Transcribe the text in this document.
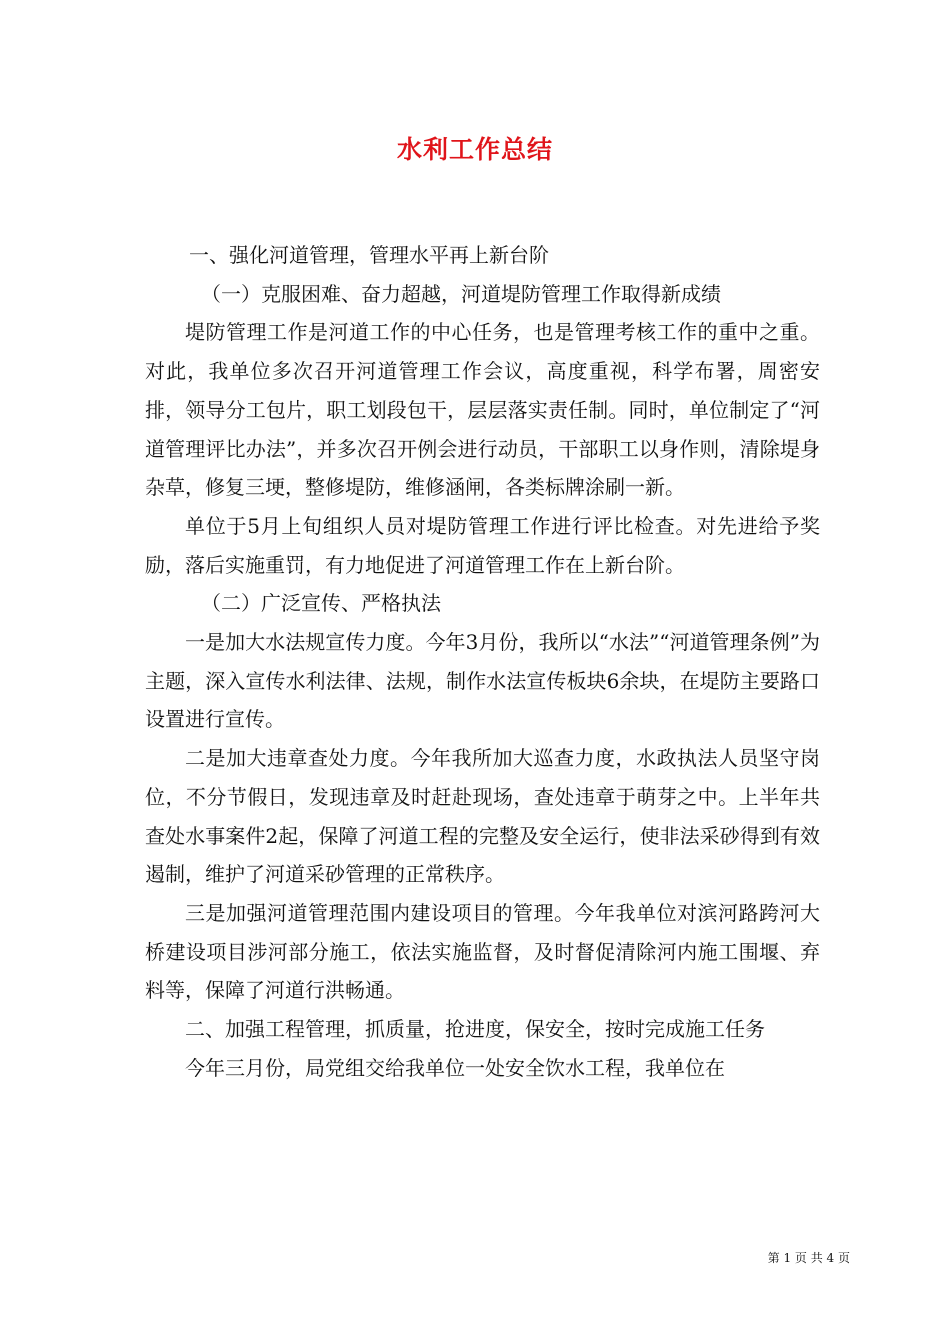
水利工作总结

一、强化河道管理，管理水平再上新台阶

（一）克服困难、奋力超越，河道堤防管理工作取得新成绩

堤防管理工作是河道工作的中心任务，也是管理考核工作的重中之重。对此，我单位多次召开河道管理工作会议，高度重视，科学布署，周密安排，领导分工包片，职工划段包干，层层落实责任制。同时，单位制定了“河道管理评比办法”，并多次召开例会进行动员，干部职工以身作则，清除堤身杂草，修复三埂，整修堤防，维修涵闸，各类标牌涂刷一新。

单位于5月上旬组织人员对堤防管理工作进行评比检查。对先进给予奖励，落后实施重罚，有力地促进了河道管理工作在上新台阶。

（二）广泛宣传、严格执法

一是加大水法规宣传力度。今年3月份，我所以“水法”“河道管理条例”为主题，深入宣传水利法律、法规，制作水法宣传板块6余块，在堤防主要路口设置进行宣传。

二是加大违章查处力度。今年我所加大巡查力度，水政执法人员坚守岗位，不分节假日，发现违章及时赶赴现场，查处违章于萌芽之中。上半年共查处水事案件2起，保障了河道工程的完整及安全运行，使非法采砂得到有效遏制，维护了河道采砂管理的正常秩序。

三是加强河道管理范围内建设项目的管理。今年我单位对滨河路跨河大桥建设项目涉河部分施工，依法实施监督，及时督促清除河内施工围堰、弃料等，保障了河道行洪畅通。

二、加强工程管理，抓质量，抢进度，保安全，按时完成施工任务

今年三月份，局党组交给我单位一处安全饮水工程，我单位在

第 1 页 共 4 页
